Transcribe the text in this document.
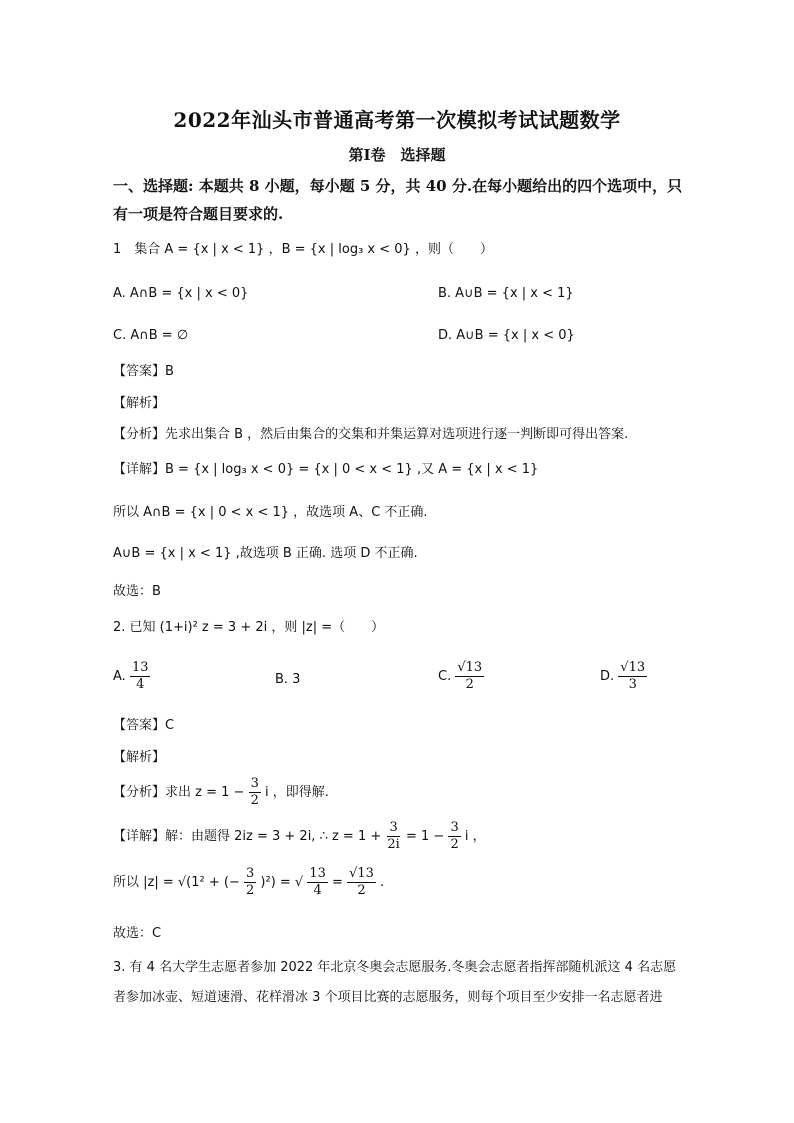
2022年汕头市普通高考第一次模拟考试试题数学
第I卷　选择题
一、选择题: 本题共 8 小题，每小题 5 分，共 40 分.在每小题给出的四个选项中，只
有一项是符合题目要求的.
1　集合 A = {x | x < 1} ，B = {x | log₃ x < 0} ，则（　　）
A. A∩B = {x | x < 0}	B. A∪B = {x | x < 1}
C. A∩B = ∅	D. A∪B = {x | x < 0}
【答案】B
【解析】
【分析】先求出集合 B ，然后由集合的交集和并集运算对选项进行逐一判断即可得出答案.
【详解】B = {x | log₃ x < 0} = {x | 0 < x < 1} ,又 A = {x | x < 1}
所以 A∩B = {x | 0 < x < 1} ，故选项 A、C 不正确.
A∪B = {x | x < 1} ,故选项 B 正确. 选项 D 不正确.
故选：B
2. 已知 (1+i)² z = 3 + 2i ，则 |z| =（　　）
A. $\frac{13}{4}$	B. 3	C. $\frac{√13}{2}$	D. $\frac{√13}{3}$
【答案】C
【解析】
【分析】求出 $z = 1 - \frac{3}{2}$ i ，即得解.
【详解】解：由题得 2iz = 3 + 2i, ∴ $z = 1 + \frac{3}{2i} = 1 - \frac{3}{2}$ i ，
所以 |z| = √(1² + (− $\frac{3}{2} )^2$) = √ $\frac{13}{4} = \frac{√13}{2}$ .
故选：C
3. 有 4 名大学生志愿者参加 2022 年北京冬奥会志愿服务.冬奥会志愿者指挥部随机派这 4 名志愿
者参加冰壶、短道速滑、花样滑冰 3 个项目比赛的志愿服务，则每个项目至少安排一名志愿者进
